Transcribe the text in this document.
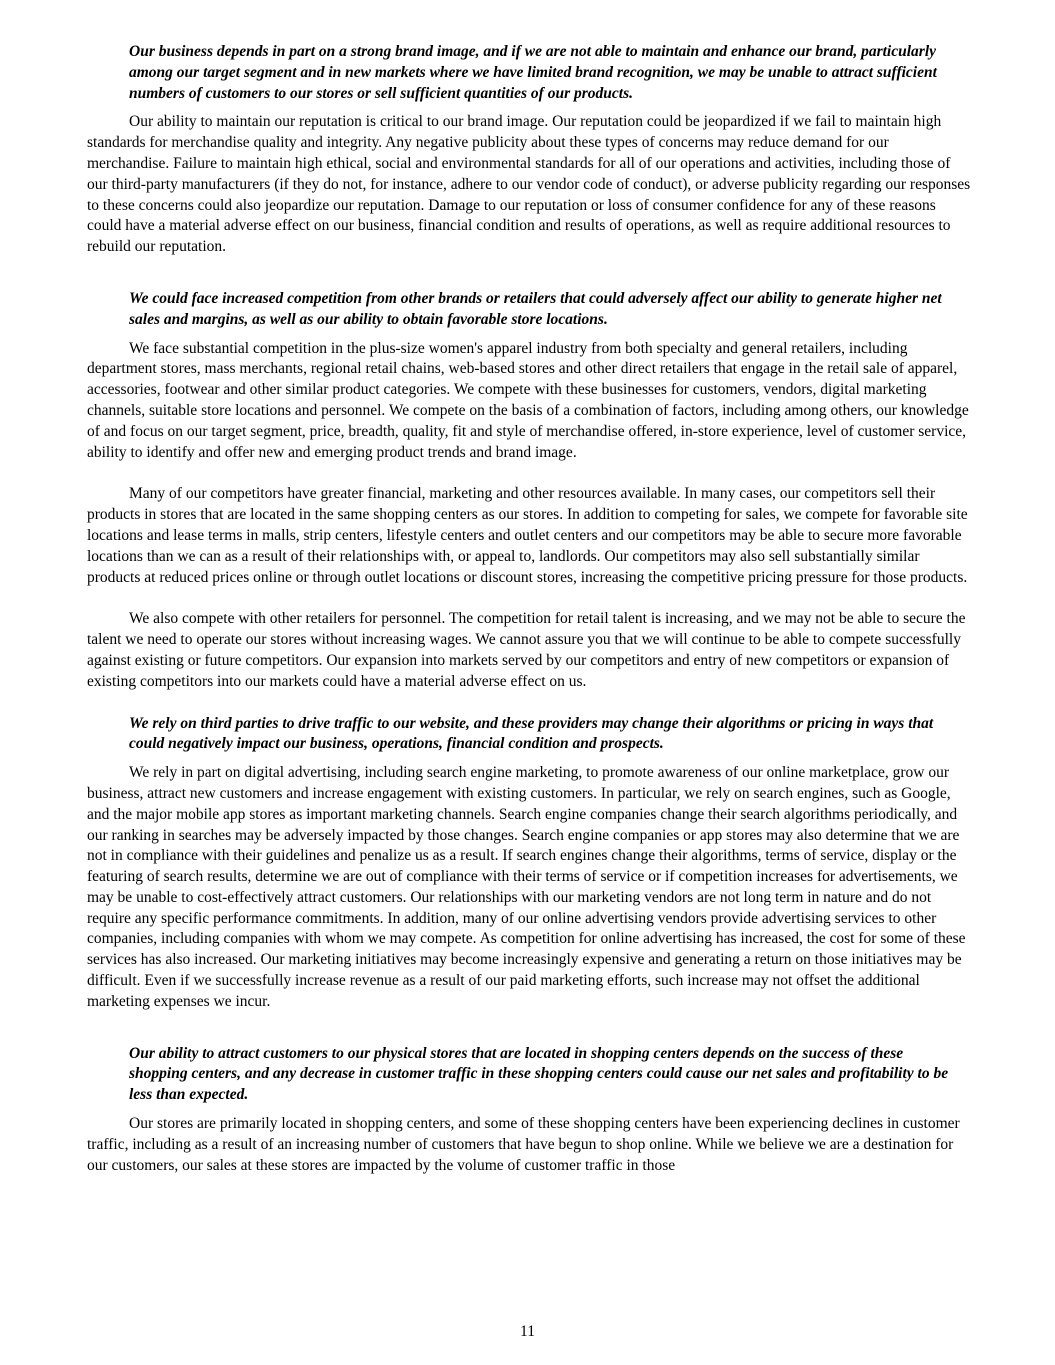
Our business depends in part on a strong brand image, and if we are not able to maintain and enhance our brand, particularly among our target segment and in new markets where we have limited brand recognition, we may be unable to attract sufficient numbers of customers to our stores or sell sufficient quantities of our products.

Our ability to maintain our reputation is critical to our brand image. Our reputation could be jeopardized if we fail to maintain high standards for merchandise quality and integrity. Any negative publicity about these types of concerns may reduce demand for our merchandise. Failure to maintain high ethical, social and environmental standards for all of our operations and activities, including those of our third-party manufacturers (if they do not, for instance, adhere to our vendor code of conduct), or adverse publicity regarding our responses to these concerns could also jeopardize our reputation. Damage to our reputation or loss of consumer confidence for any of these reasons could have a material adverse effect on our business, financial condition and results of operations, as well as require additional resources to rebuild our reputation.

We could face increased competition from other brands or retailers that could adversely affect our ability to generate higher net sales and margins, as well as our ability to obtain favorable store locations.

We face substantial competition in the plus-size women's apparel industry from both specialty and general retailers, including department stores, mass merchants, regional retail chains, web-based stores and other direct retailers that engage in the retail sale of apparel, accessories, footwear and other similar product categories. We compete with these businesses for customers, vendors, digital marketing channels, suitable store locations and personnel. We compete on the basis of a combination of factors, including among others, our knowledge of and focus on our target segment, price, breadth, quality, fit and style of merchandise offered, in-store experience, level of customer service, ability to identify and offer new and emerging product trends and brand image.

Many of our competitors have greater financial, marketing and other resources available. In many cases, our competitors sell their products in stores that are located in the same shopping centers as our stores. In addition to competing for sales, we compete for favorable site locations and lease terms in malls, strip centers, lifestyle centers and outlet centers and our competitors may be able to secure more favorable locations than we can as a result of their relationships with, or appeal to, landlords. Our competitors may also sell substantially similar products at reduced prices online or through outlet locations or discount stores, increasing the competitive pricing pressure for those products.

We also compete with other retailers for personnel. The competition for retail talent is increasing, and we may not be able to secure the talent we need to operate our stores without increasing wages. We cannot assure you that we will continue to be able to compete successfully against existing or future competitors. Our expansion into markets served by our competitors and entry of new competitors or expansion of existing competitors into our markets could have a material adverse effect on us.

We rely on third parties to drive traffic to our website, and these providers may change their algorithms or pricing in ways that could negatively impact our business, operations, financial condition and prospects.

We rely in part on digital advertising, including search engine marketing, to promote awareness of our online marketplace, grow our business, attract new customers and increase engagement with existing customers. In particular, we rely on search engines, such as Google, and the major mobile app stores as important marketing channels. Search engine companies change their search algorithms periodically, and our ranking in searches may be adversely impacted by those changes. Search engine companies or app stores may also determine that we are not in compliance with their guidelines and penalize us as a result. If search engines change their algorithms, terms of service, display or the featuring of search results, determine we are out of compliance with their terms of service or if competition increases for advertisements, we may be unable to cost-effectively attract customers. Our relationships with our marketing vendors are not long term in nature and do not require any specific performance commitments. In addition, many of our online advertising vendors provide advertising services to other companies, including companies with whom we may compete. As competition for online advertising has increased, the cost for some of these services has also increased. Our marketing initiatives may become increasingly expensive and generating a return on those initiatives may be difficult. Even if we successfully increase revenue as a result of our paid marketing efforts, such increase may not offset the additional marketing expenses we incur.

Our ability to attract customers to our physical stores that are located in shopping centers depends on the success of these shopping centers, and any decrease in customer traffic in these shopping centers could cause our net sales and profitability to be less than expected.

Our stores are primarily located in shopping centers, and some of these shopping centers have been experiencing declines in customer traffic, including as a result of an increasing number of customers that have begun to shop online. While we believe we are a destination for our customers, our sales at these stores are impacted by the volume of customer traffic in those

11
